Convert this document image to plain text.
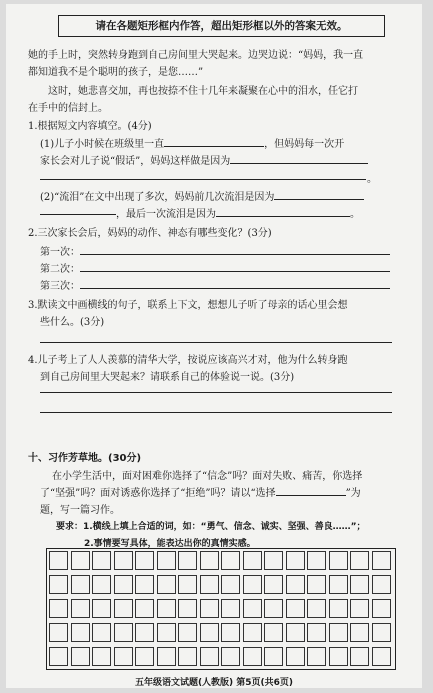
请在各题矩形框内作答，超出矩形框以外的答案无效。
她的手上时，突然转身跑到自己房间里大哭起来。边哭边说：“妈妈，我一直
都知道我不是个聪明的孩子，是您……”
这时，她悲喜交加，再也按捺不住十几年来凝聚在心中的泪水，任它打
在手中的信封上。
1.根据短文内容填空。(4分)
(1)儿子小时候在班级里一直	，但妈妈每一次开
家长会对儿子说“假话”，妈妈这样做是因为
。
(2)“流泪”在文中出现了多次，妈妈前几次流泪是因为
，最后一次流泪是因为	。
2.三次家长会后，妈妈的动作、神态有哪些变化？(3分)
第一次：
第二次：
第三次：
3.默读文中画横线的句子，联系上下文，想想儿子听了母亲的话心里会想
些什么。(3分)
4.儿子考上了人人羡慕的清华大学，按说应该高兴才对，他为什么转身跑
到自己房间里大哭起来？请联系自己的体验说一说。(3分)
十、习作芳草地。(30分)
在小学生活中，面对困难你选择了“信念”吗？面对失败、痛苦，你选择
了“坚强”吗？面对诱惑你选择了“拒绝”吗？请以“选择	”为
题，写一篇习作。
要求：1.横线上填上合适的词，如：“勇气、信念、诚实、坚强、善良……”；
2.事情要写具体，能表达出你的真情实感。
五年级语文试题(人教版) 第5页(共6页)
